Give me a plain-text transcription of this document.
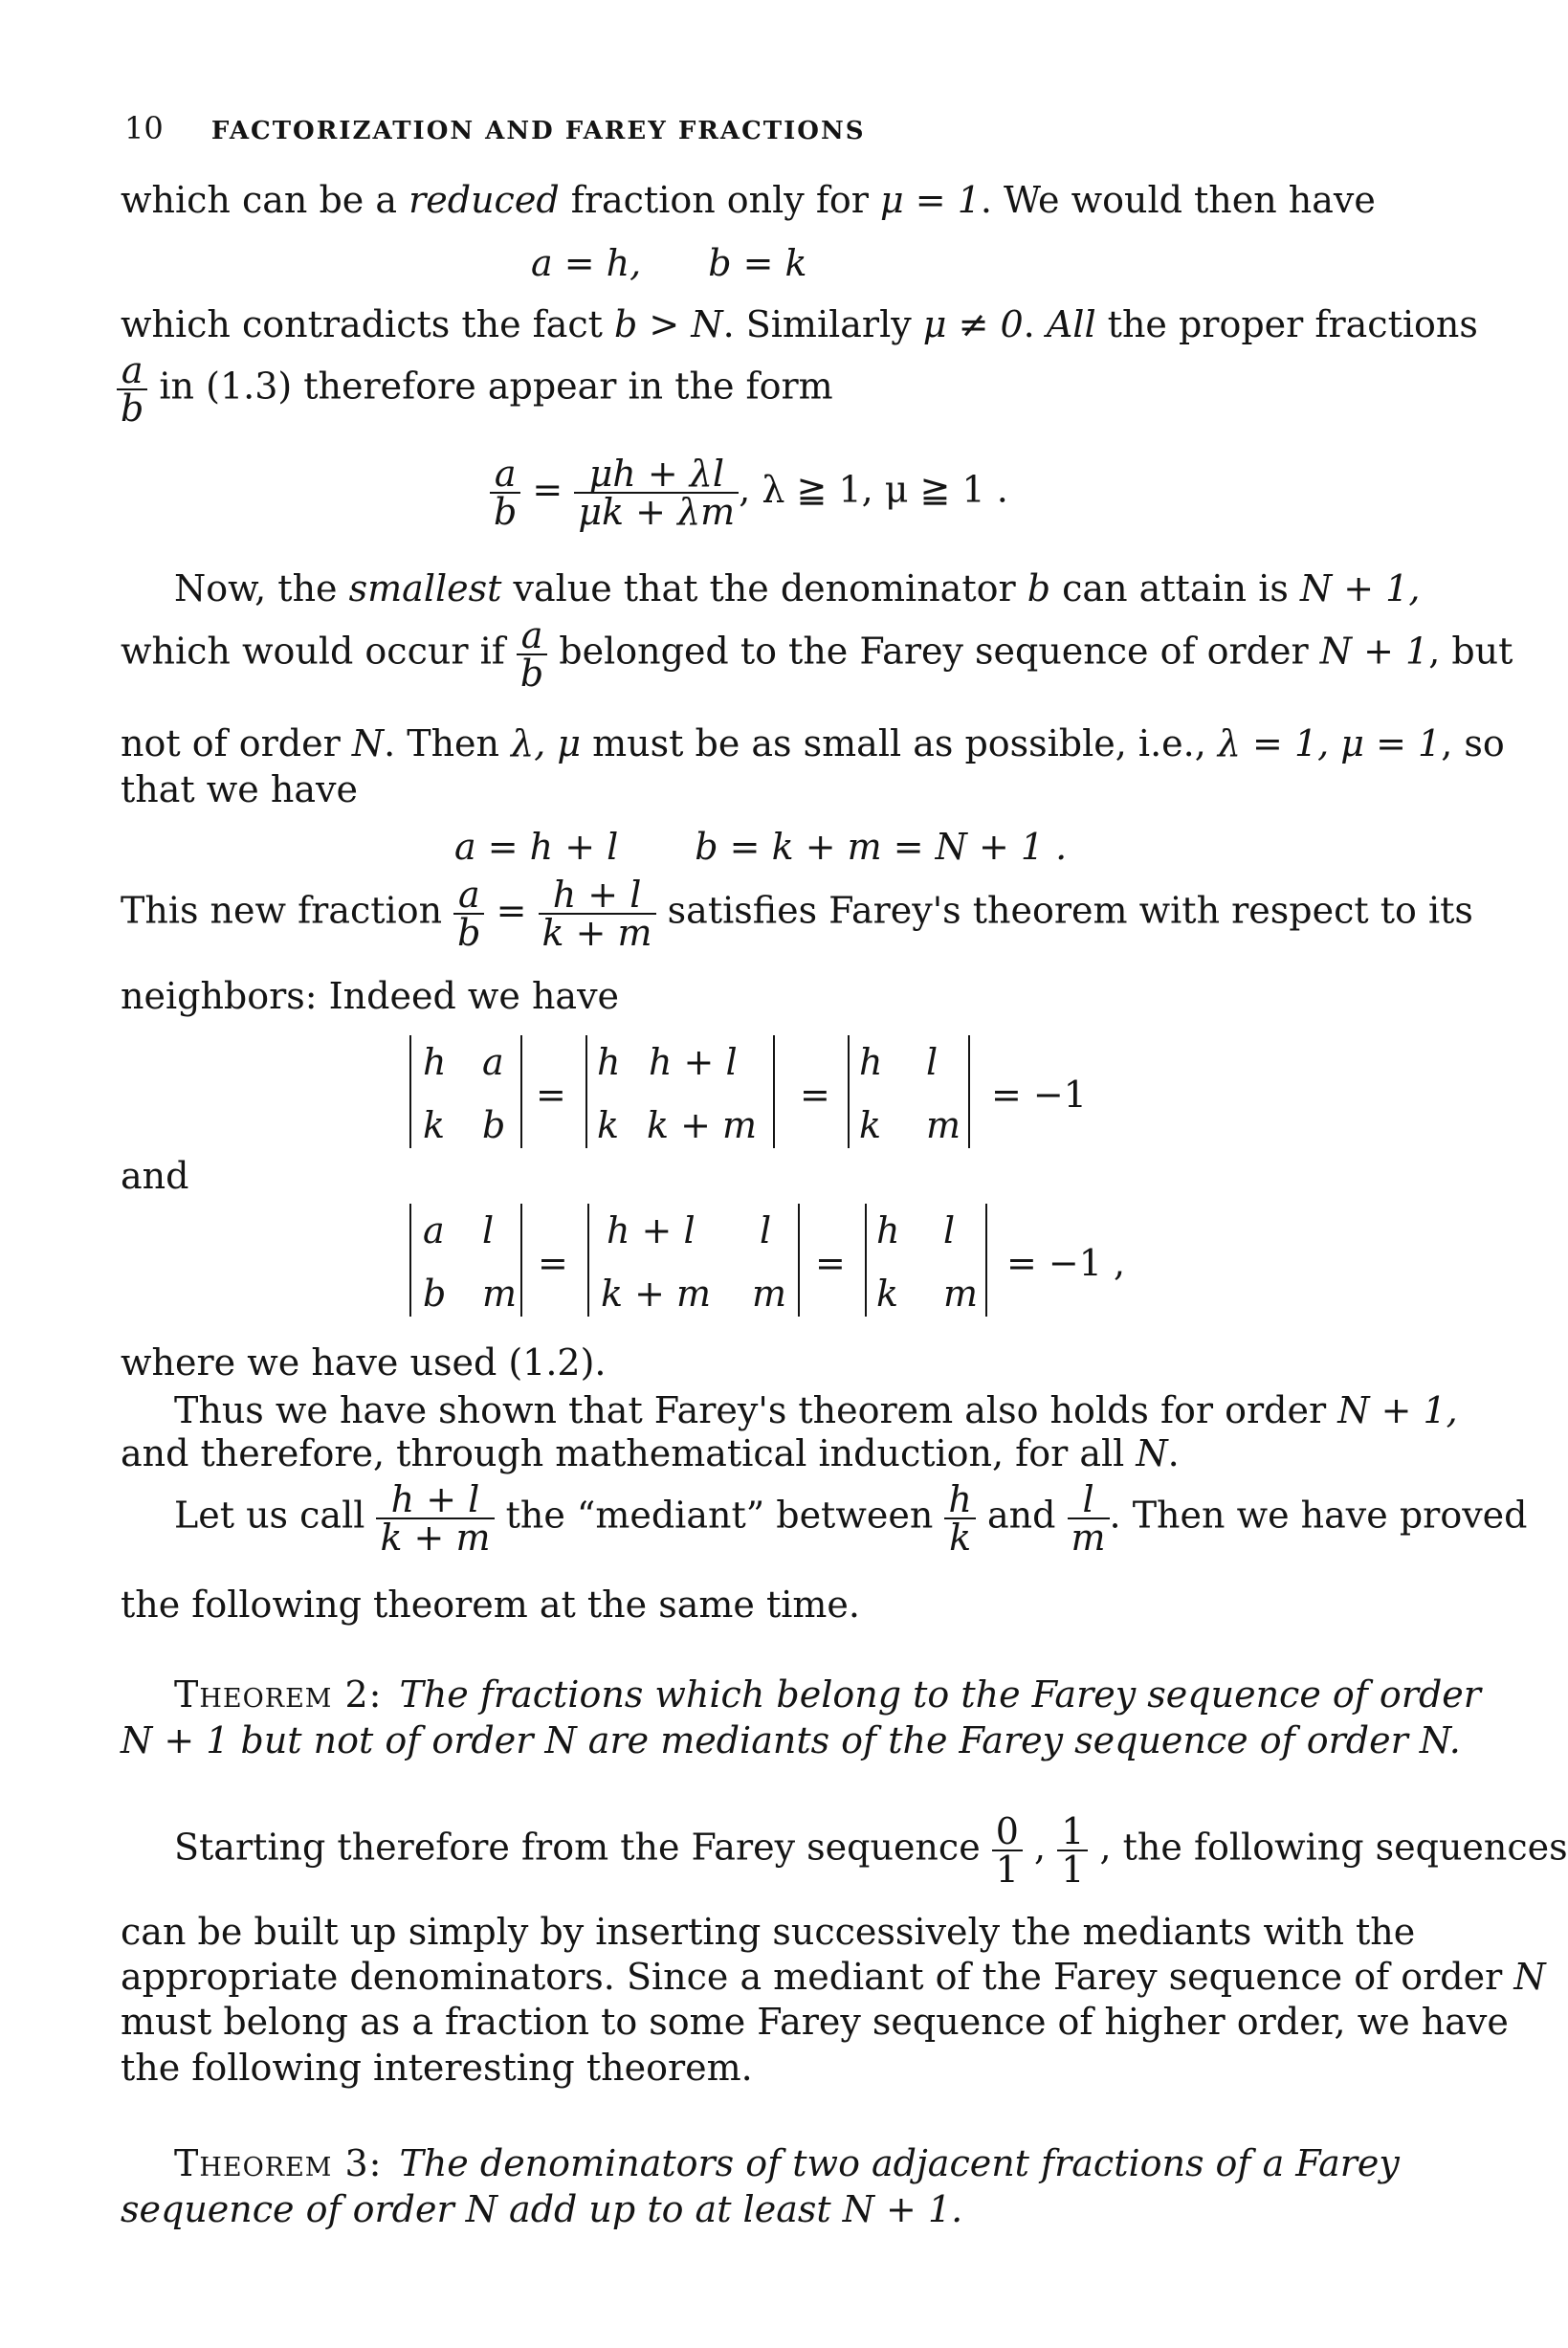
10 FACTORIZATION AND FAREY FRACTIONS
which can be a reduced fraction only for μ = 1. We would then have
a = h, b = k
which contradicts the fact b > N. Similarly μ ≠ 0. All the proper fractions
$\frac{a}{b}$ in (1.3) therefore appear in the form
$\frac{a}{b} = \frac{\mu h + \lambda l}{\mu k + \lambda m}$ , λ ≧ 1, μ ≧ 1 .
Now, the smallest value that the denominator b can attain is N + 1,
which would occur if $\frac{a}{b}$ belonged to the Farey sequence of order N + 1, but
not of order N. Then λ, μ must be as small as possible, i.e., λ = 1, μ = 1, so
that we have
a = h + l b = k + m = N + 1 .
This new fraction $\frac{a}{b} = \frac{h + l}{k + m}$ satisfies Farey's theorem with respect to its
neighbors: Indeed we have
h a
k b
=
h h + l
k k + m
=
h l
k m
= −1
and
a l
b m
=
h + l l
k + m m
=
h l
k m
= −1 ,
where we have used (1.2).
Thus we have shown that Farey's theorem also holds for order N + 1,
and therefore, through mathematical induction, for all N.
Let us call $\frac{h + l}{k + m}$ the “mediant” between $\frac{h}{k}$ and $\frac{l}{m}$ . Then we have proved
the following theorem at the same time.
Theorem 2: The fractions which belong to the Farey sequence of order
N + 1 but not of order N are mediants of the Farey sequence of order N.
Starting therefore from the Farey sequence $\frac{0}{1}$ , $\frac{1}{1}$ , the following sequences
can be built up simply by inserting successively the mediants with the
appropriate denominators. Since a mediant of the Farey sequence of order N
must belong as a fraction to some Farey sequence of higher order, we have
the following interesting theorem.
Theorem 3: The denominators of two adjacent fractions of a Farey
sequence of order N add up to at least N + 1.
